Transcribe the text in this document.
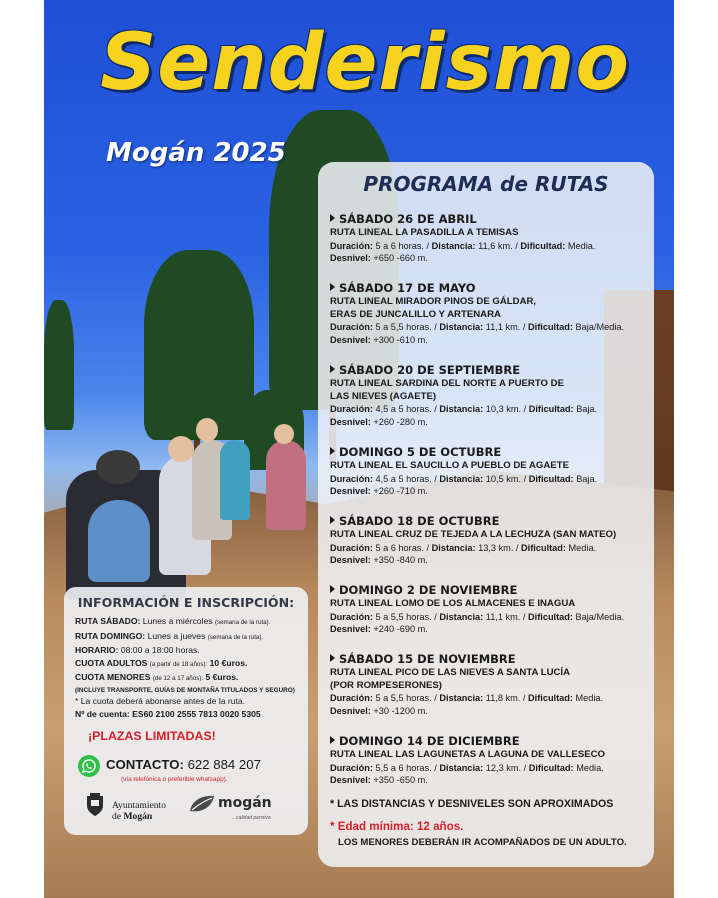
Senderismo
Mogán 2025
PROGRAMA de RUTAS
SÁBADO 26 DE ABRIL
RUTA LINEAL LA PASADILLA A TEMISAS
Duración: 5 a 6 horas. / Distancia: 11,6 km. / Dificultad: Media.
Desnivel: +650 -660 m.
SÁBADO 17 DE MAYO
RUTA LINEAL MIRADOR PINOS DE GÁLDAR,
ERAS DE JUNCALILLO Y ARTENARA
Duración: 5 a 5,5 horas. / Distancia: 11,1 km. / Dificultad: Baja/Media.
Desnivel: +300 -610 m.
SÁBADO 20 DE SEPTIEMBRE
RUTA LINEAL SARDINA DEL NORTE A PUERTO DE
LAS NIEVES (AGAETE)
Duración: 4,5 a 5 horas. / Distancia: 10,3 km. / Dificultad: Baja.
Desnivel: +260 -280 m.
DOMINGO 5 DE OCTUBRE
RUTA LINEAL EL SAUCILLO A PUEBLO DE AGAETE
Duración: 4,5 a 5 horas. / Distancia: 10,5 km. / Dificultad: Baja.
Desnivel: +260 -710 m.
SÁBADO 18 DE OCTUBRE
RUTA LINEAL CRUZ DE TEJEDA A LA LECHUZA (SAN MATEO)
Duración: 5 a 6 horas. / Distancia: 13,3 km. / Dificultad: Media.
Desnivel: +350 -840 m.
DOMINGO 2 DE NOVIEMBRE
RUTA LINEAL LOMO DE LOS ALMACENES E INAGUA
Duración: 5 a 5,5 horas. / Distancia: 11,1 km. / Dificultad: Baja/Media.
Desnivel: +240 -690 m.
SÁBADO 15 DE NOVIEMBRE
RUTA LINEAL PICO DE LAS NIEVES A SANTA LUCÍA
(POR ROMPESERONES)
Duración: 5 a 5,5 horas. / Distancia: 11,8 km. / Dificultad: Media.
Desnivel: +30 -1200 m.
DOMINGO 14 DE DICIEMBRE
RUTA LINEAL LAS LAGUNETAS A LAGUNA DE VALLESECO
Duración: 5,5 a 6 horas. / Distancia: 12,3 km. / Dificultad: Media.
Desnivel: +350 -650 m.
* LAS DISTANCIAS Y DESNIVELES SON APROXIMADOS
* Edad mínima: 12 años.
LOS MENORES DEBERÁN IR ACOMPAÑADOS DE UN ADULTO.
INFORMACIÓN E INSCRIPCIÓN:
RUTA SÁBADO: Lunes a miércoles (semana de la ruta).
RUTA DOMINGO: Lunes a jueves (semana de la ruta).
HORARIO: 08:00 a 18:00 horas.
CUOTA ADULTOS (a partir de 18 años): 10 €uros.
CUOTA MENORES (de 12 a 17 años): 5 €uros.
(INCLUYE TRANSPORTE, GUÍAS DE MONTAÑA TITULADOS Y SEGURO)
* La cuota deberá abonarse antes de la ruta.
Nº de cuenta: ES60 2100 2555 7813 0020 5305
¡PLAZAS LIMITADAS!
CONTACTO: 622 884 207
(vía telefónica o preferible whatsapp).
Ayuntamiento
de Mogán
mogán
...calidad pensiva
